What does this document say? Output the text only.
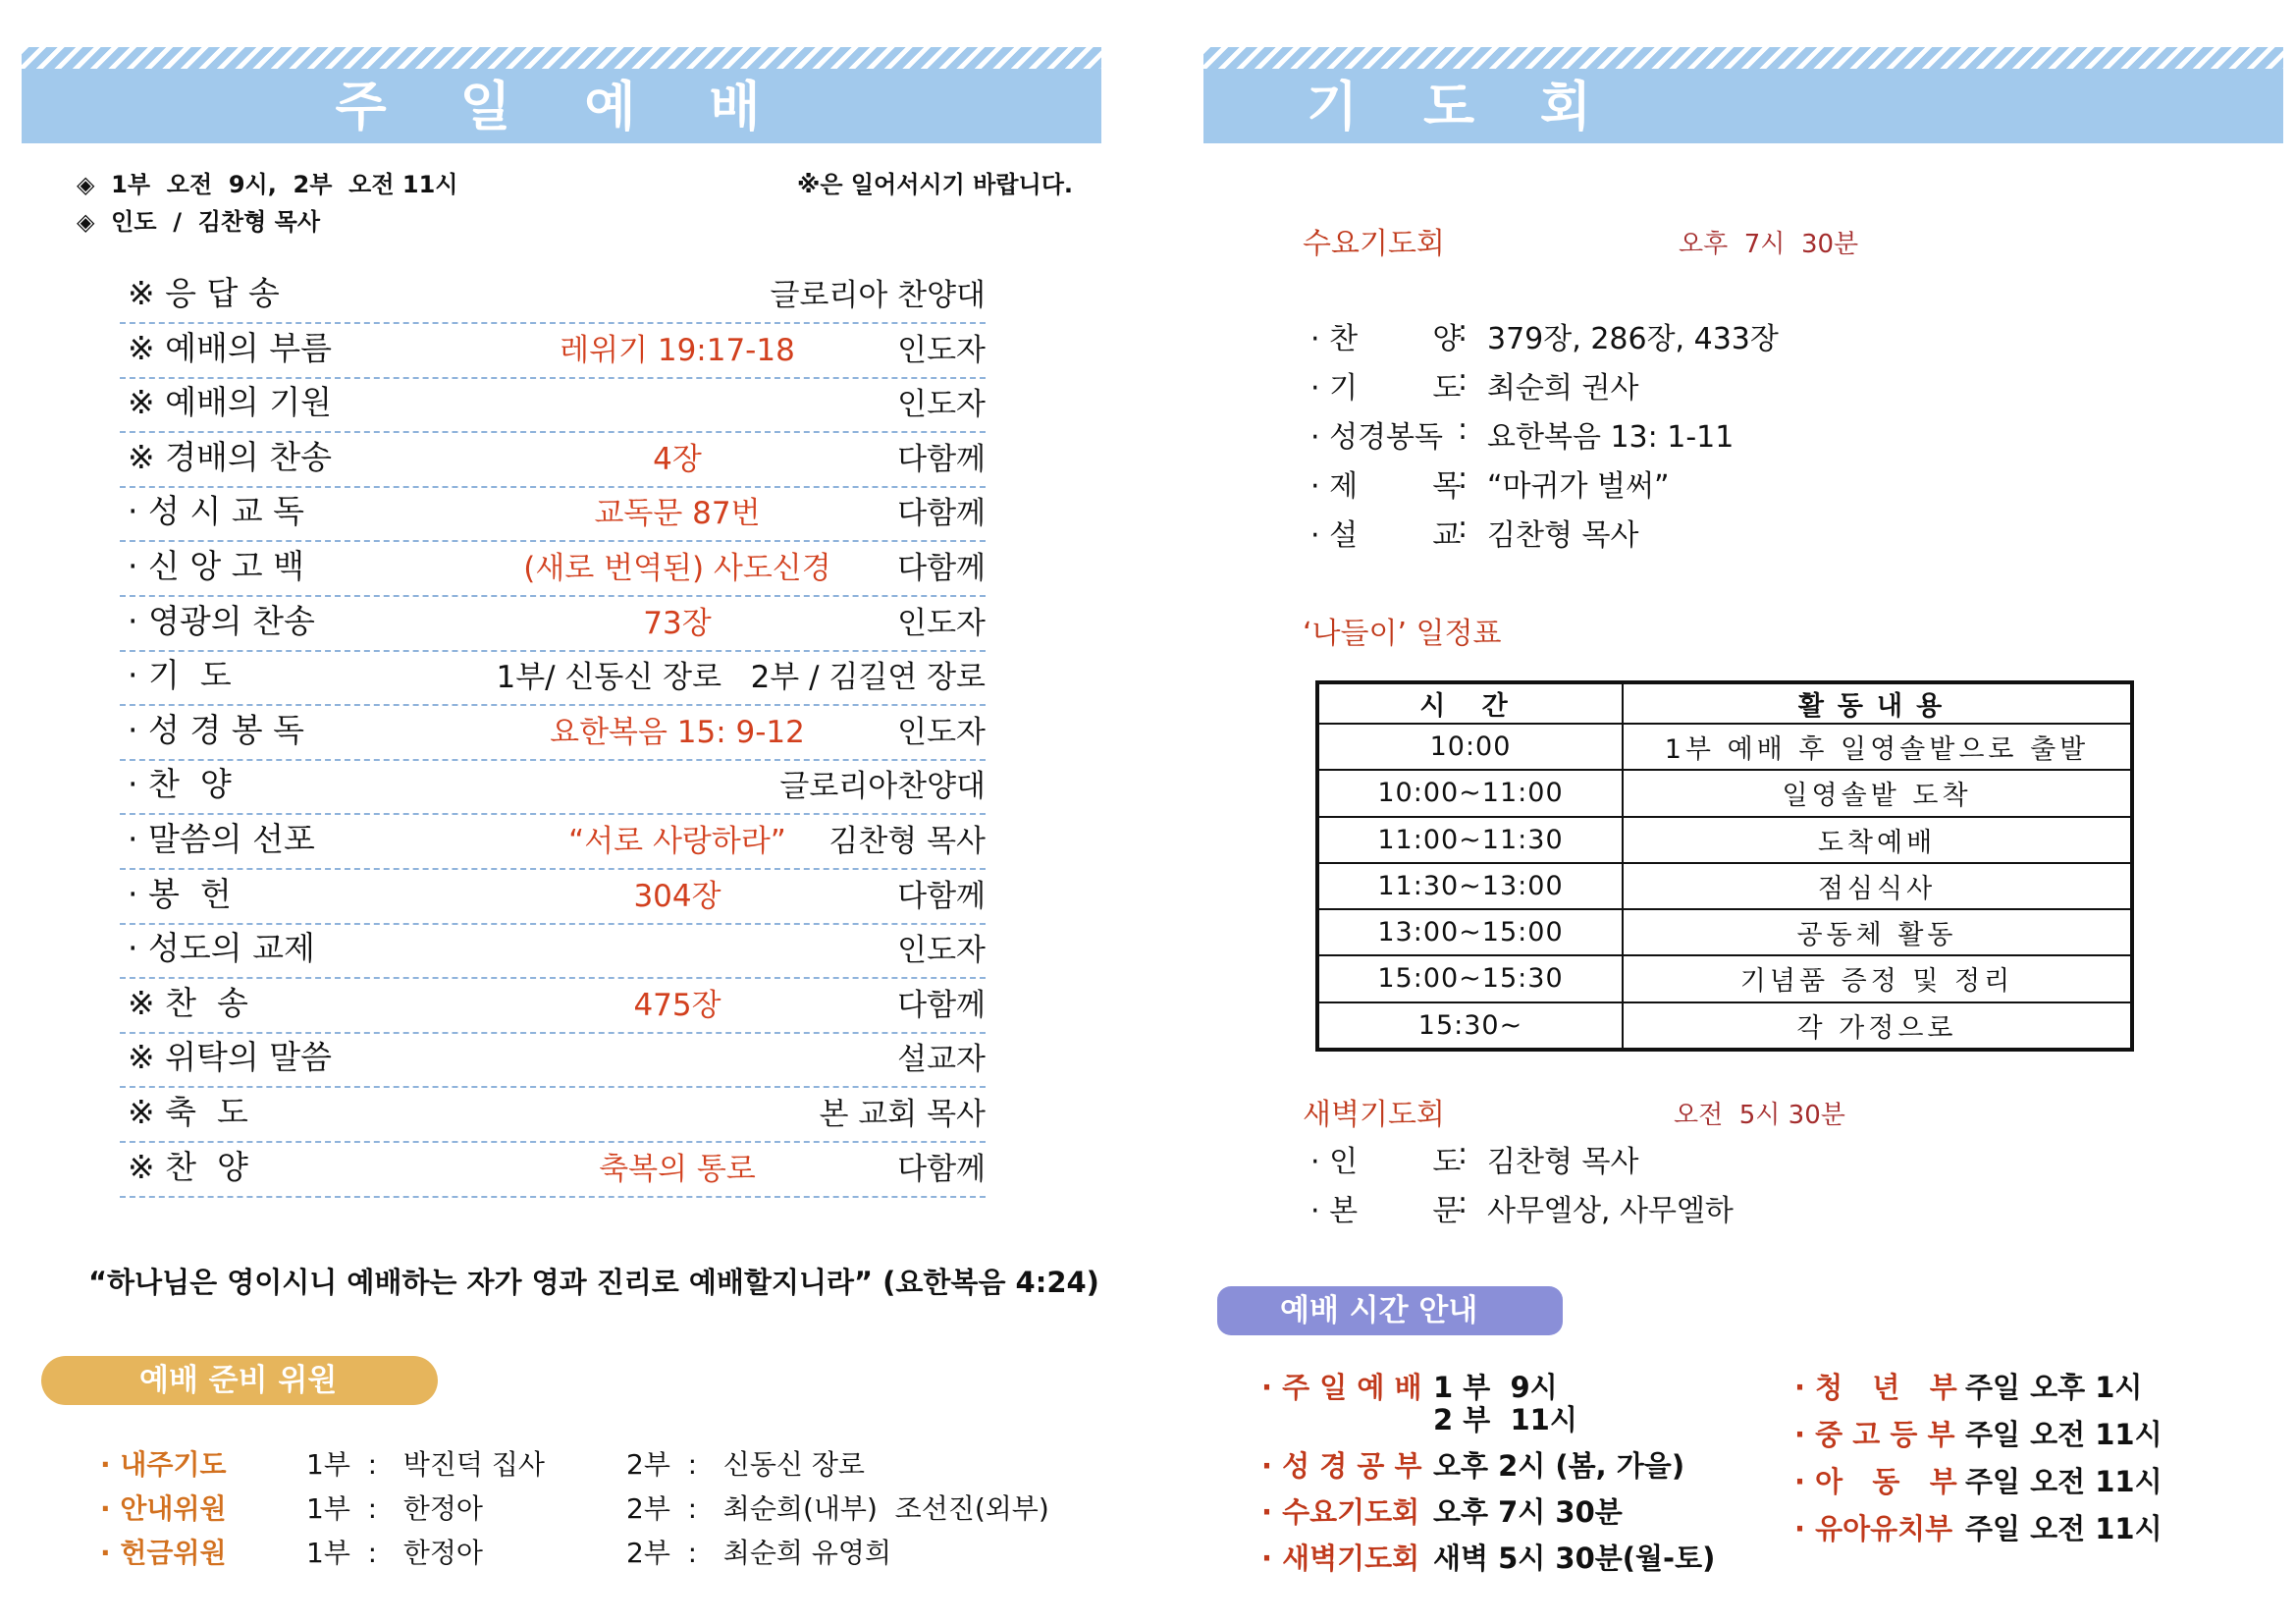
주 일 예 배
◈  1부  오전  9시,  2부  오전 11시	※은 일어서시기 바랍니다.
◈  인도  /  김찬형 목사
※ 응 답 송	글로리아 찬양대
※ 예배의 부름	레위기 19:17-18	인도자
※ 예배의 기원	인도자
※ 경배의 찬송	4장	다함께
· 성 시 교 독	교독문 87번	다함께
· 신 앙 고 백	(새로 번역된) 사도신경	다함께
· 영광의 찬송	73장	인도자
· 기  도	1부/ 신동신 장로   2부 / 김길연 장로
· 성 경 봉 독	요한복음 15: 9-12	인도자
· 찬  양	글로리아찬양대
· 말씀의 선포	“서로 사랑하라”	김찬형 목사
· 봉  헌	304장	다함께
· 성도의 교제	인도자
※ 찬  송	475장	다함께
※ 위탁의 말씀	설교자
※ 축  도	본 교회 목사
※ 찬  양	축복의 통로	다함께
“하나님은 영이시니 예배하는 자가 영과 진리로 예배할지니라” (요한복음 4:24)
예배 준비 위원
· 내주기도	1부  :   박진덕 집사	2부  :   신동신 장로
· 안내위원	1부  :   한정아	2부  :   최순희(내부)  조선진(외부)
· 헌금위원	1부  :   한정아	2부  :   최순희 유영희
기 도 회
수요기도회	오후  7시  30분
· 찬        양
: 379장, 286장, 433장
· 기        도
: 최순희 권사
· 성경봉독 : 요한복음 13: 1-11
· 제        목
: “마귀가 벌써”
· 설        교
: 김찬형 목사
‘나들이’ 일정표
시 간	활동내용
10:00	1부 예배 후 일영솔밭으로 출발
10:00~11:00	일영솔밭 도착
11:00~11:30	도착예배
11:30~13:00	점심식사
13:00~15:00	공동체 활동
15:00~15:30	기념품 증정 및 정리
15:30~	각 가정으로
새벽기도회	오전  5시 30분
· 인        도
: 김찬형 목사
· 본        문
: 사무엘상, 사무엘하
예배 시간 안내
· 주 일 예 배 1 부  9시
2 부  11시
· 성 경 공 부 오후 2시 (봄, 가을)
· 수요기도회 오후 7시 30분
· 새벽기도회 새벽 5시 30분(월-토)
· 청   년   부 주일 오후 1시
· 중 고 등 부 주일 오전 11시
· 아   동   부 주일 오전 11시
· 유아유치부 주일 오전 11시
